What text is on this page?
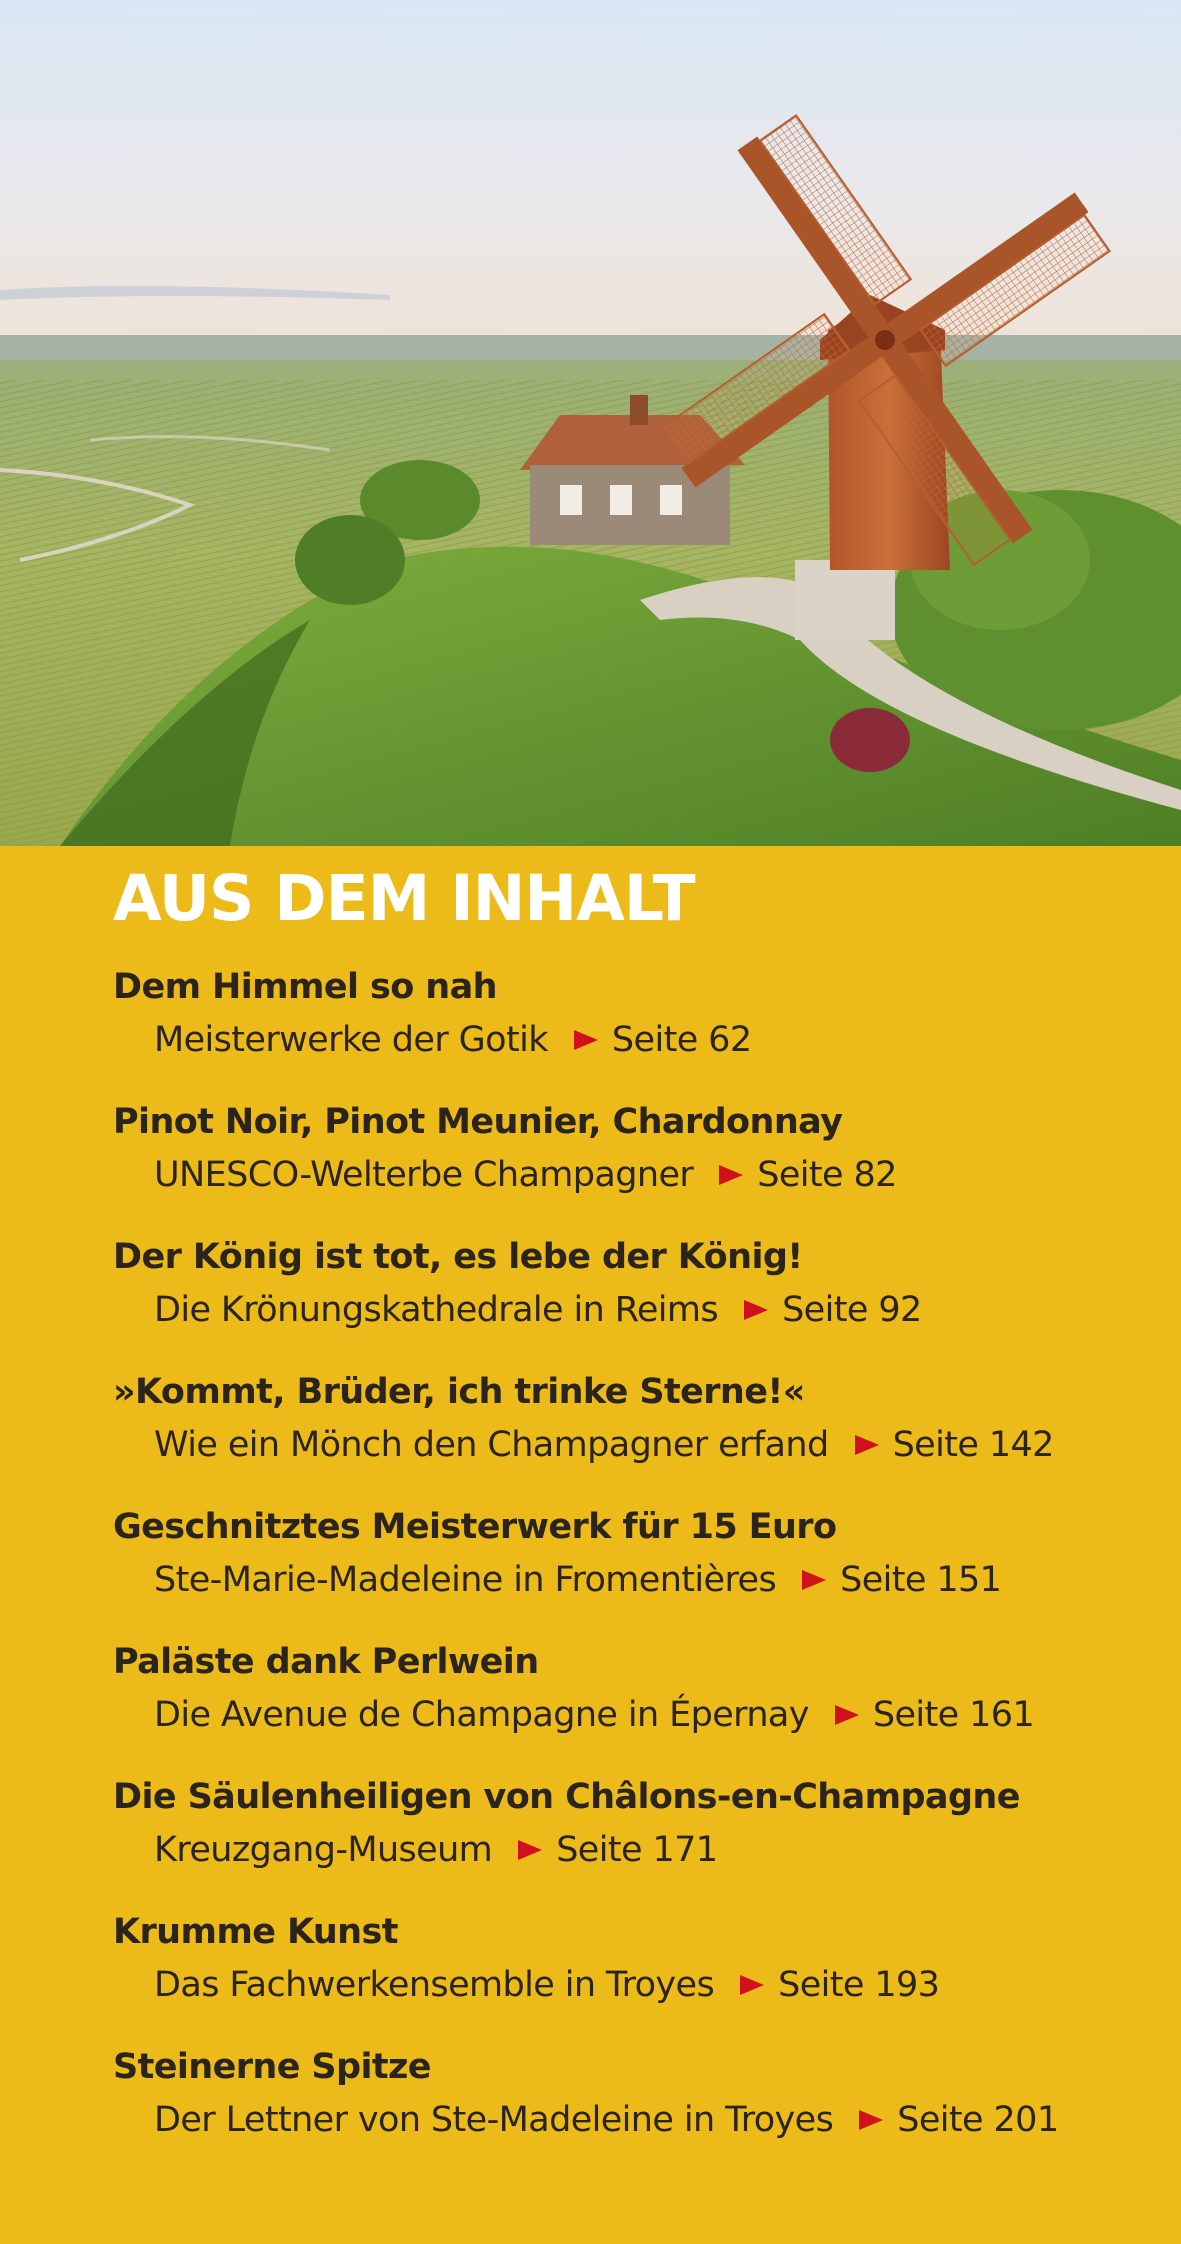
AUS DEM INHALT
Dem Himmel so nah
Meisterwerke der Gotik Seite 62
Pinot Noir, Pinot Meunier, Chardonnay
UNESCO-Welterbe Champagner Seite 82
Der König ist tot, es lebe der König!
Die Krönungskathedrale in Reims Seite 92
»Kommt, Brüder, ich trinke Sterne!«
Wie ein Mönch den Champagner erfand Seite 142
Geschnitztes Meisterwerk für 15 Euro
Ste-Marie-Madeleine in Fromentières Seite 151
Paläste dank Perlwein
Die Avenue de Champagne in Épernay Seite 161
Die Säulenheiligen von Châlons-en-Champagne
Kreuzgang-Museum Seite 171
Krumme Kunst
Das Fachwerkensemble in Troyes Seite 193
Steinerne Spitze
Der Lettner von Ste-Madeleine in Troyes Seite 201
